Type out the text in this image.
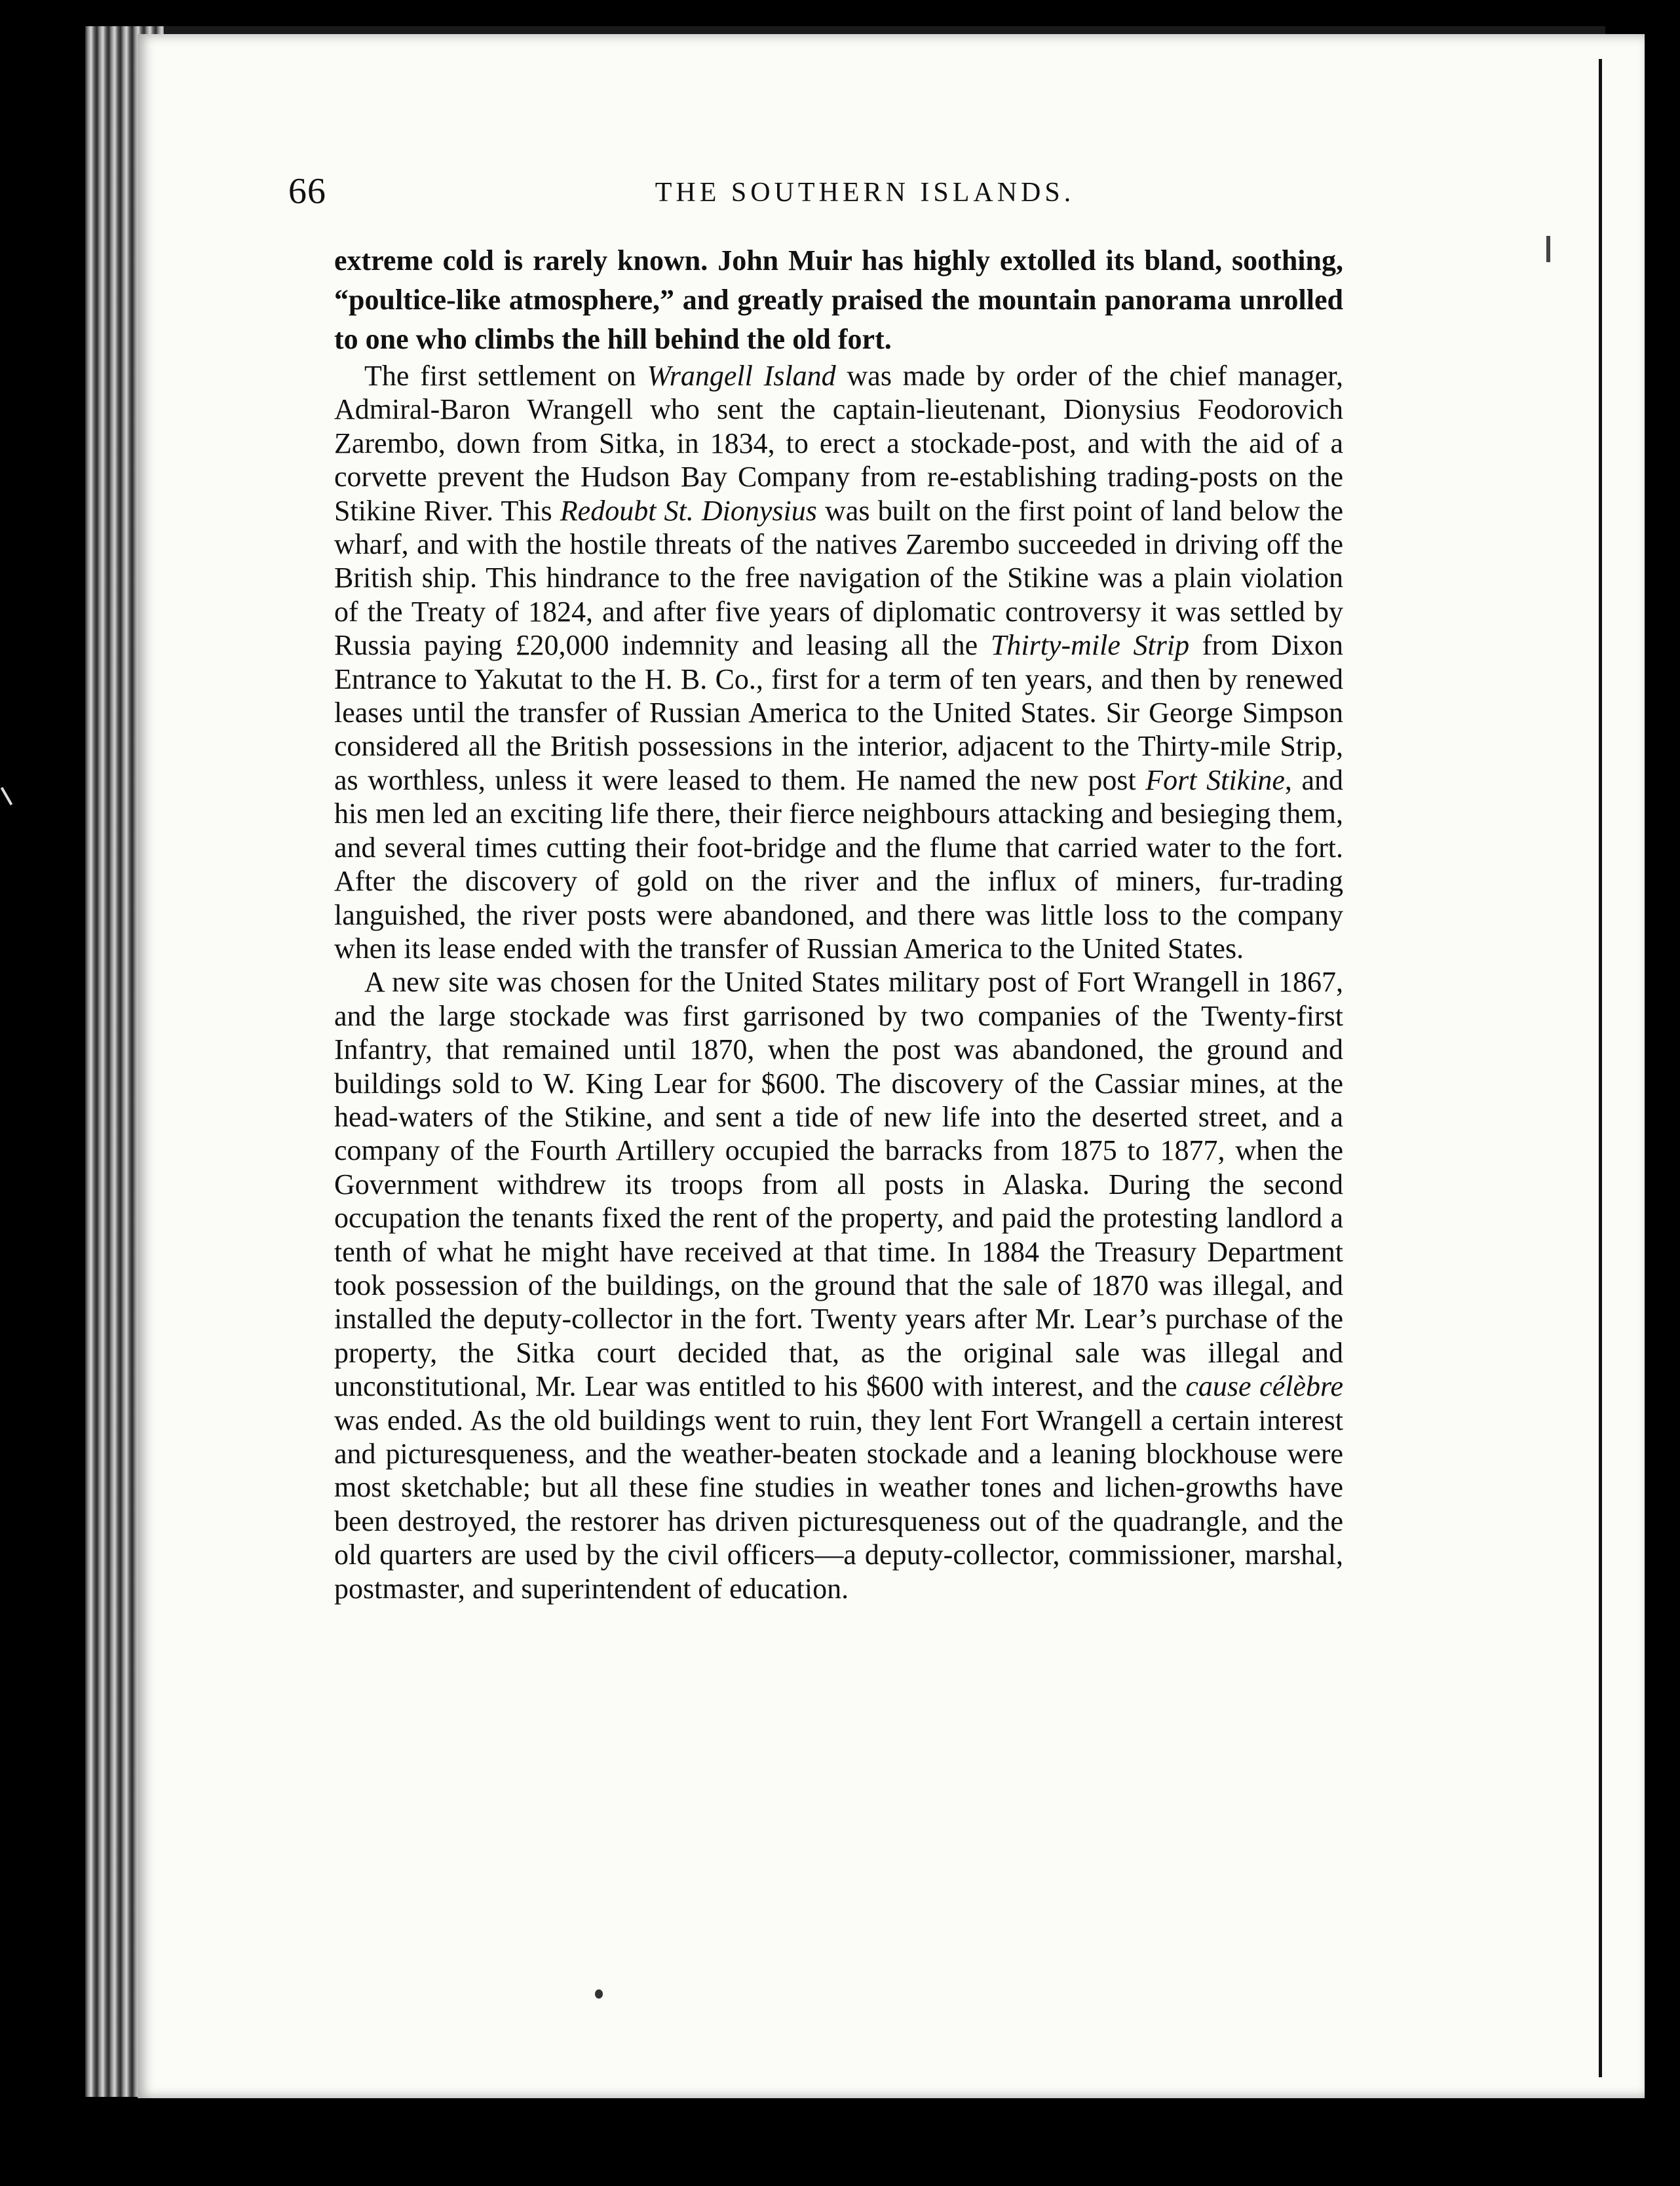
66	THE SOUTHERN ISLANDS.

extreme cold is rarely known. John Muir has highly extolled its bland, soothing, “poultice-like atmosphere,” and greatly praised the mountain panorama unrolled to one who climbs the hill behind the old fort.

The first settlement on Wrangell Island was made by order of the chief manager, Admiral-Baron Wrangell who sent the captain-lieutenant, Dionysius Feodorovich Zarembo, down from Sitka, in 1834, to erect a stockade-post, and with the aid of a corvette prevent the Hudson Bay Company from re-establishing trading-posts on the Stikine River. This Redoubt St. Dionysius was built on the first point of land below the wharf, and with the hostile threats of the natives Zarembo succeeded in driving off the British ship. This hindrance to the free navigation of the Stikine was a plain violation of the Treaty of 1824, and after five years of diplomatic controversy it was settled by Russia paying £20,000 indemnity and leasing all the Thirty-mile Strip from Dixon Entrance to Yakutat to the H. B. Co., first for a term of ten years, and then by renewed leases until the transfer of Russian America to the United States. Sir George Simpson considered all the British possessions in the interior, adjacent to the Thirty-mile Strip, as worthless, unless it were leased to them. He named the new post Fort Stikine, and his men led an exciting life there, their fierce neighbours attacking and besieging them, and several times cutting their foot-bridge and the flume that carried water to the fort. After the discovery of gold on the river and the influx of miners, fur-trading languished, the river posts were abandoned, and there was little loss to the company when its lease ended with the transfer of Russian America to the United States.

A new site was chosen for the United States military post of Fort Wrangell in 1867, and the large stockade was first garrisoned by two companies of the Twenty-first Infantry, that remained until 1870, when the post was abandoned, the ground and buildings sold to W. King Lear for $600. The discovery of the Cassiar mines, at the head-waters of the Stikine, and sent a tide of new life into the deserted street, and a company of the Fourth Artillery occupied the barracks from 1875 to 1877, when the Government withdrew its troops from all posts in Alaska. During the second occupation the tenants fixed the rent of the property, and paid the protesting landlord a tenth of what he might have received at that time. In 1884 the Treasury Department took possession of the buildings, on the ground that the sale of 1870 was illegal, and installed the deputy-collector in the fort. Twenty years after Mr. Lear’s purchase of the property, the Sitka court decided that, as the original sale was illegal and unconstitutional, Mr. Lear was entitled to his $600 with interest, and the cause célèbre was ended. As the old buildings went to ruin, they lent Fort Wrangell a certain interest and picturesqueness, and the weather-beaten stockade and a leaning blockhouse were most sketchable; but all these fine studies in weather tones and lichen-growths have been destroyed, the restorer has driven picturesqueness out of the quadrangle, and the old quarters are used by the civil officers—a deputy-collector, commissioner, marshal, postmaster, and superintendent of education.
